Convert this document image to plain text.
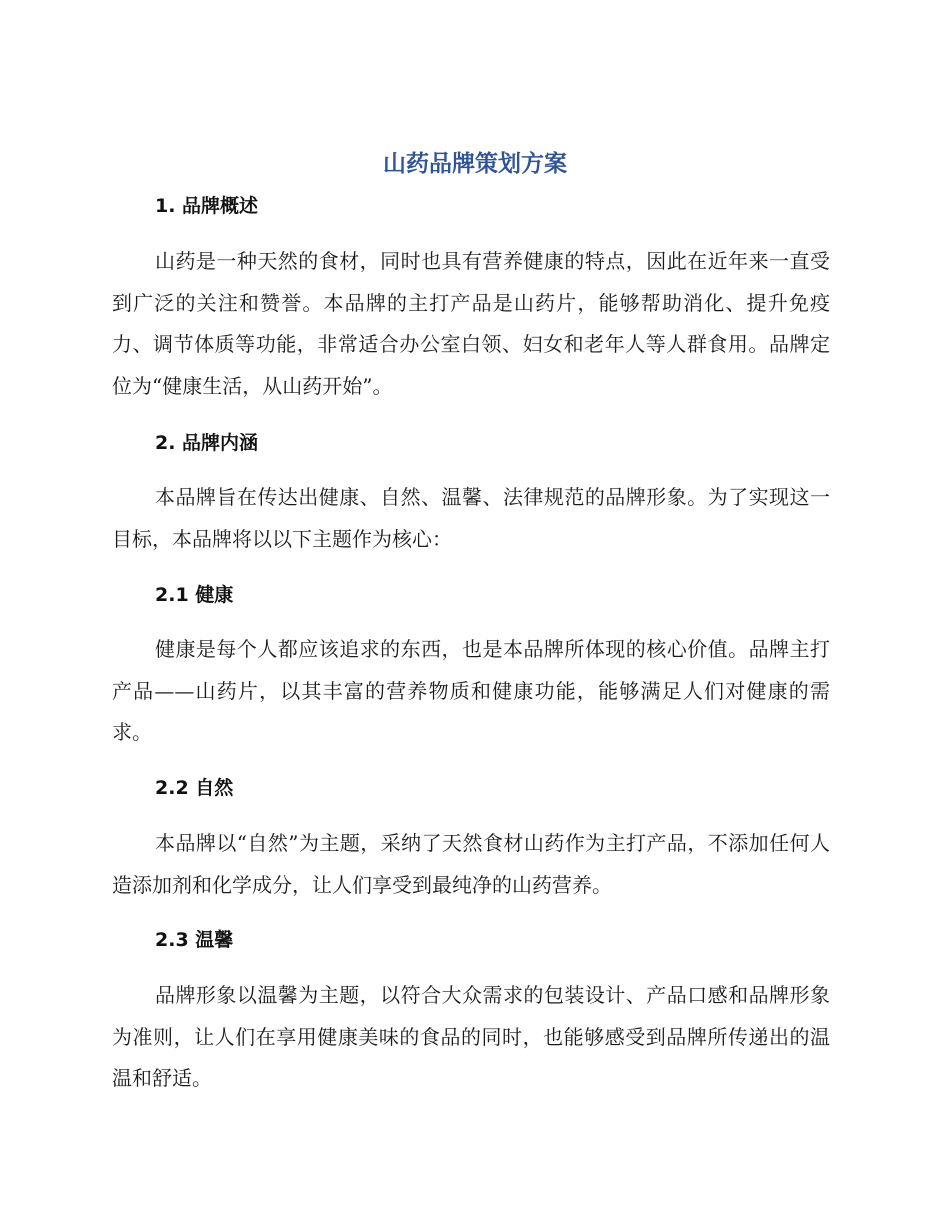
山药品牌策划方案
1. 品牌概述
山药是一种天然的食材，同时也具有营养健康的特点，因此在近年来一直受到广泛的关注和赞誉。本品牌的主打产品是山药片，能够帮助消化、提升免疫力、调节体质等功能，非常适合办公室白领、妇女和老年人等人群食用。品牌定位为“健康生活，从山药开始”。
2. 品牌内涵
本品牌旨在传达出健康、自然、温馨、法律规范的品牌形象。为了实现这一目标，本品牌将以以下主题作为核心：
2.1 健康
健康是每个人都应该追求的东西，也是本品牌所体现的核心价值。品牌主打产品——山药片，以其丰富的营养物质和健康功能，能够满足人们对健康的需求。
2.2 自然
本品牌以“自然”为主题，采纳了天然食材山药作为主打产品，不添加任何人造添加剂和化学成分，让人们享受到最纯净的山药营养。
2.3 温馨
品牌形象以温馨为主题，以符合大众需求的包装设计、产品口感和品牌形象为准则，让人们在享用健康美味的食品的同时，也能够感受到品牌所传递出的温温和舒适。
